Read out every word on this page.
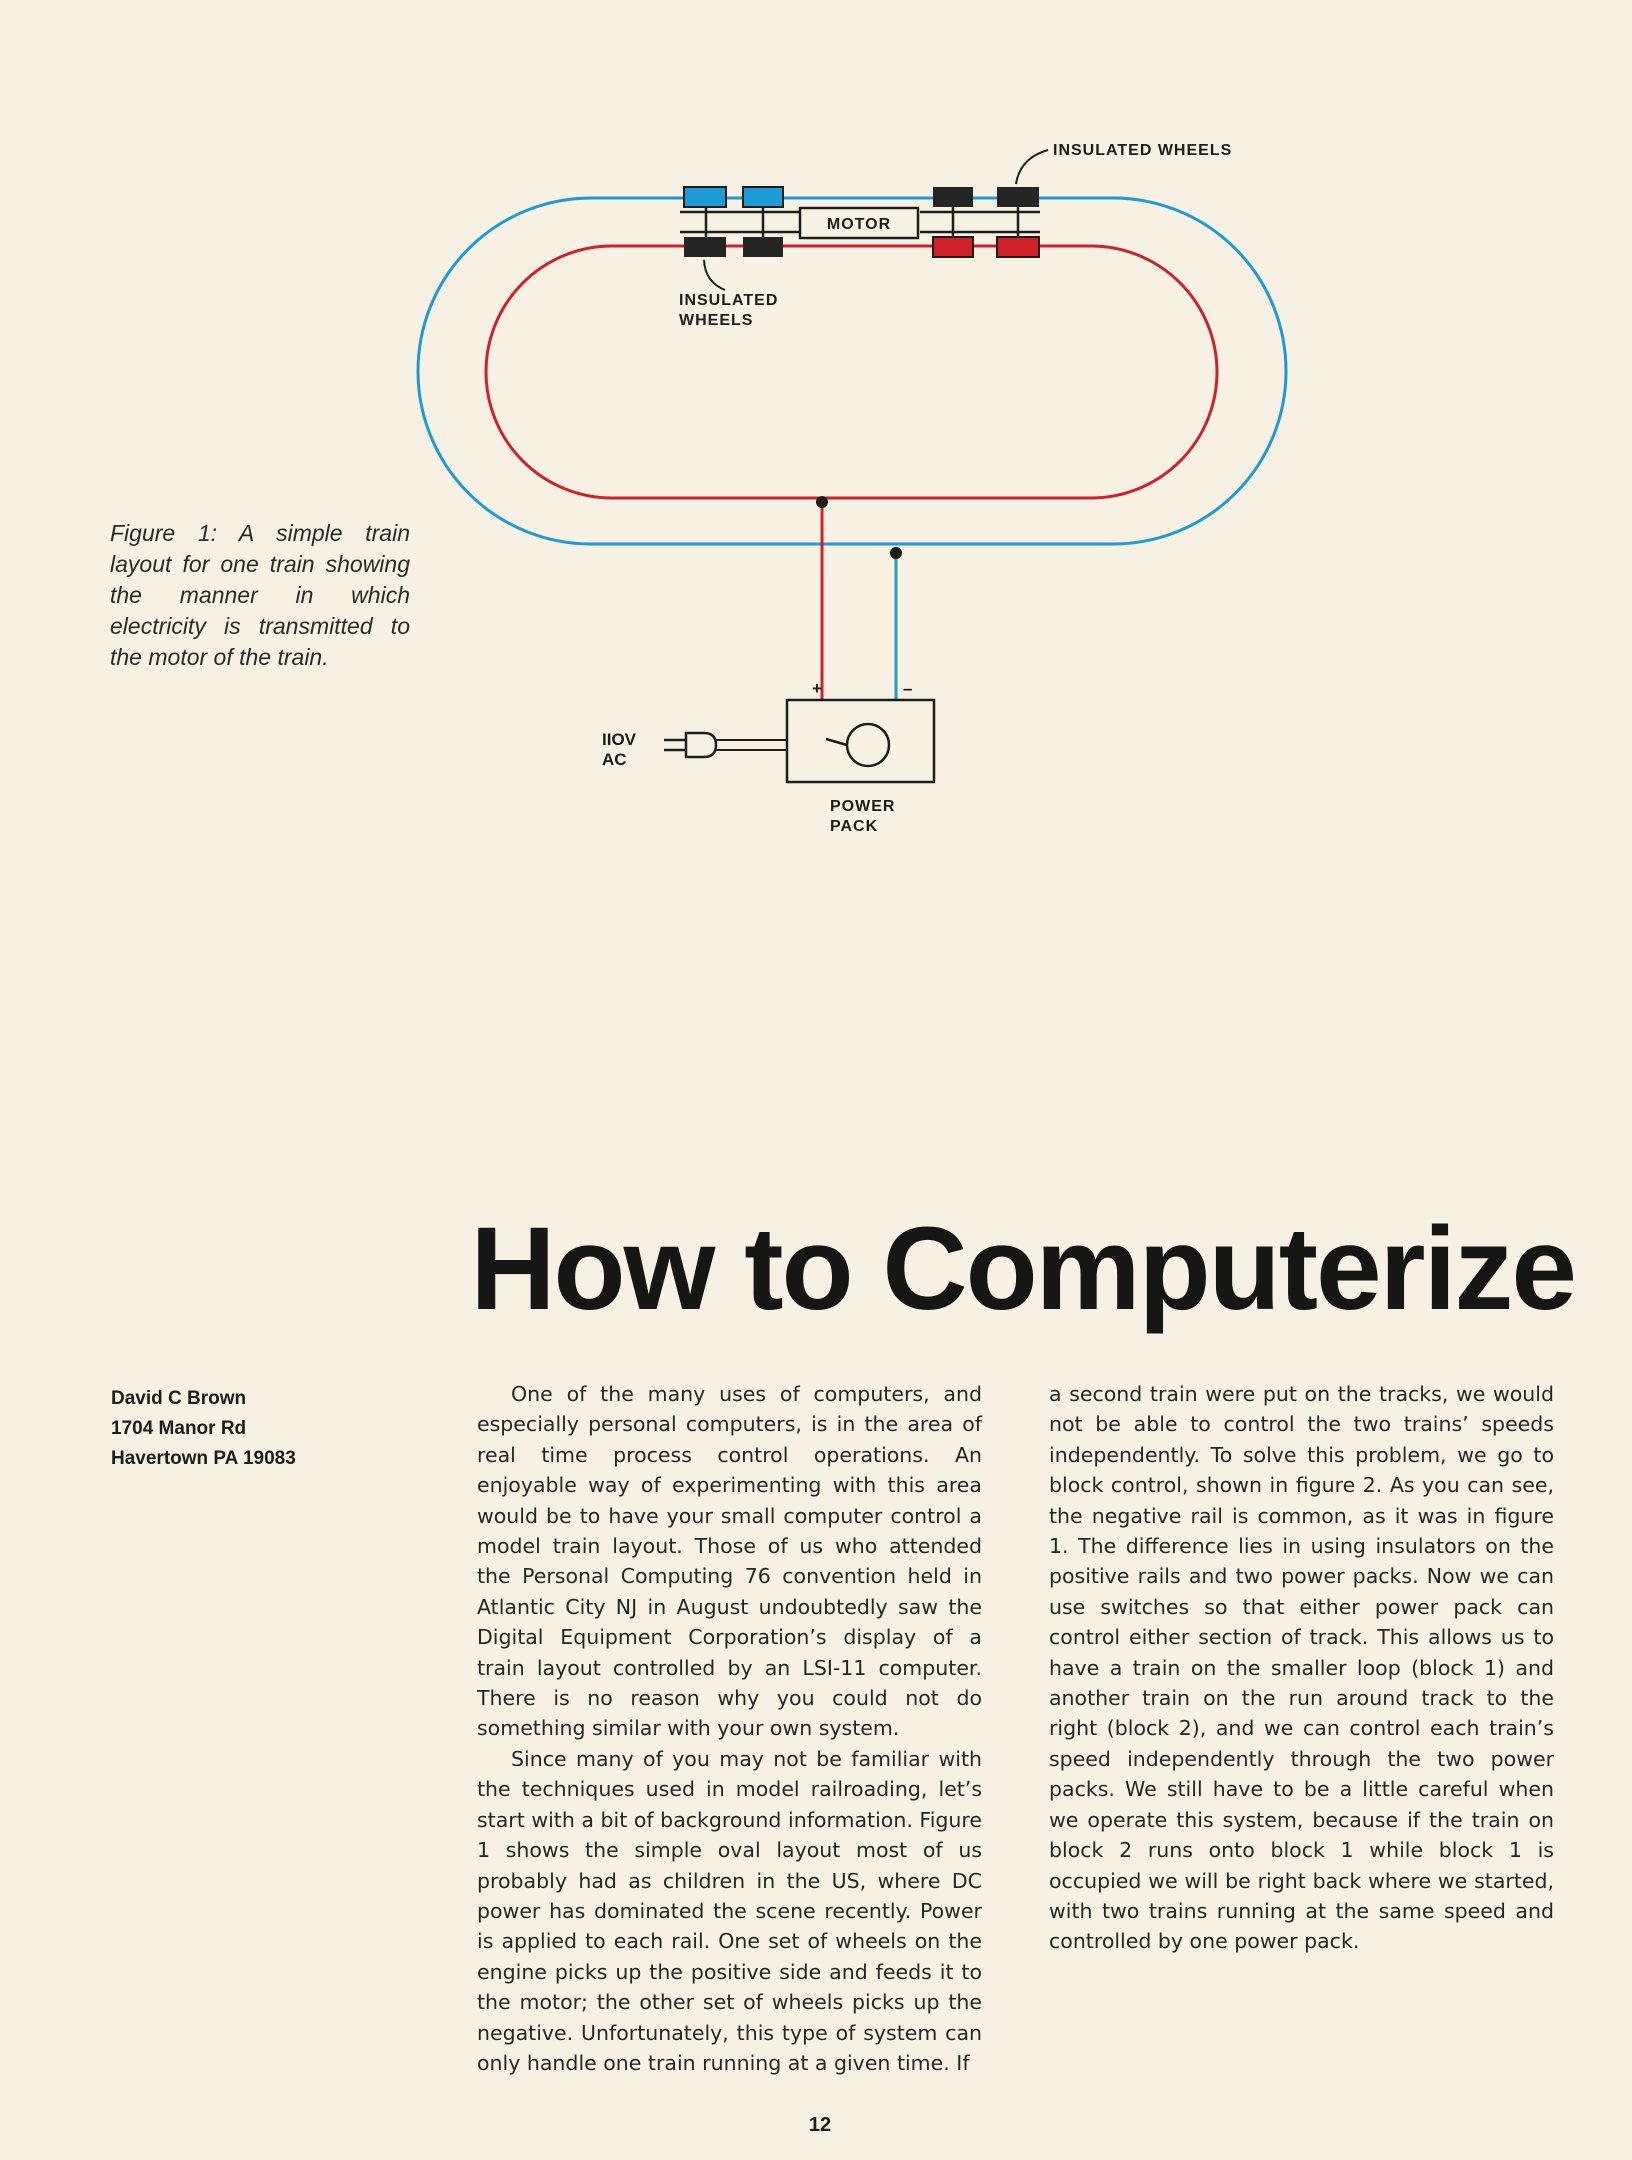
INSULATED WHEELS
MOTOR
INSULATED
WHEELS
+	–
IIOV
AC
POWER
PACK
Figure 1: A simple train layout for one train showing the manner in which electricity is transmitted to the motor of the train.
How to Computerize
David C Brown
1704 Manor Rd
Havertown PA 19083

One of the many uses of computers, and especially personal computers, is in the area of real time process control operations. An enjoyable way of experimenting with this area would be to have your small computer control a model train layout. Those of us who attended the Personal Computing 76 convention held in Atlantic City NJ in August undoubtedly saw the Digital Equipment Corporation’s display of a train layout controlled by an LSI-11 computer. There is no reason why you could not do something similar with your own system.

Since many of you may not be familiar with the techniques used in model railroading, let’s start with a bit of background information. Figure 1 shows the simple oval layout most of us probably had as children in the US, where DC power has dominated the scene recently. Power is applied to each rail. One set of wheels on the engine picks up the positive side and feeds it to the motor; the other set of wheels picks up the negative. Unfortunately, this type of system can only handle one train running at a given time. If

a second train were put on the tracks, we would not be able to control the two trains’ speeds independently. To solve this problem, we go to block control, shown in figure 2. As you can see, the negative rail is common, as it was in figure 1. The difference lies in using insulators on the positive rails and two power packs. Now we can use switches so that either power pack can control either section of track. This allows us to have a train on the smaller loop (block 1) and another train on the run around track to the right (block 2), and we can control each train’s speed independently through the two power packs. We still have to be a little careful when we operate this system, because if the train on block 2 runs onto block 1 while block 1 is occupied we will be right back where we started, with two trains running at the same speed and controlled by one power pack.

12
